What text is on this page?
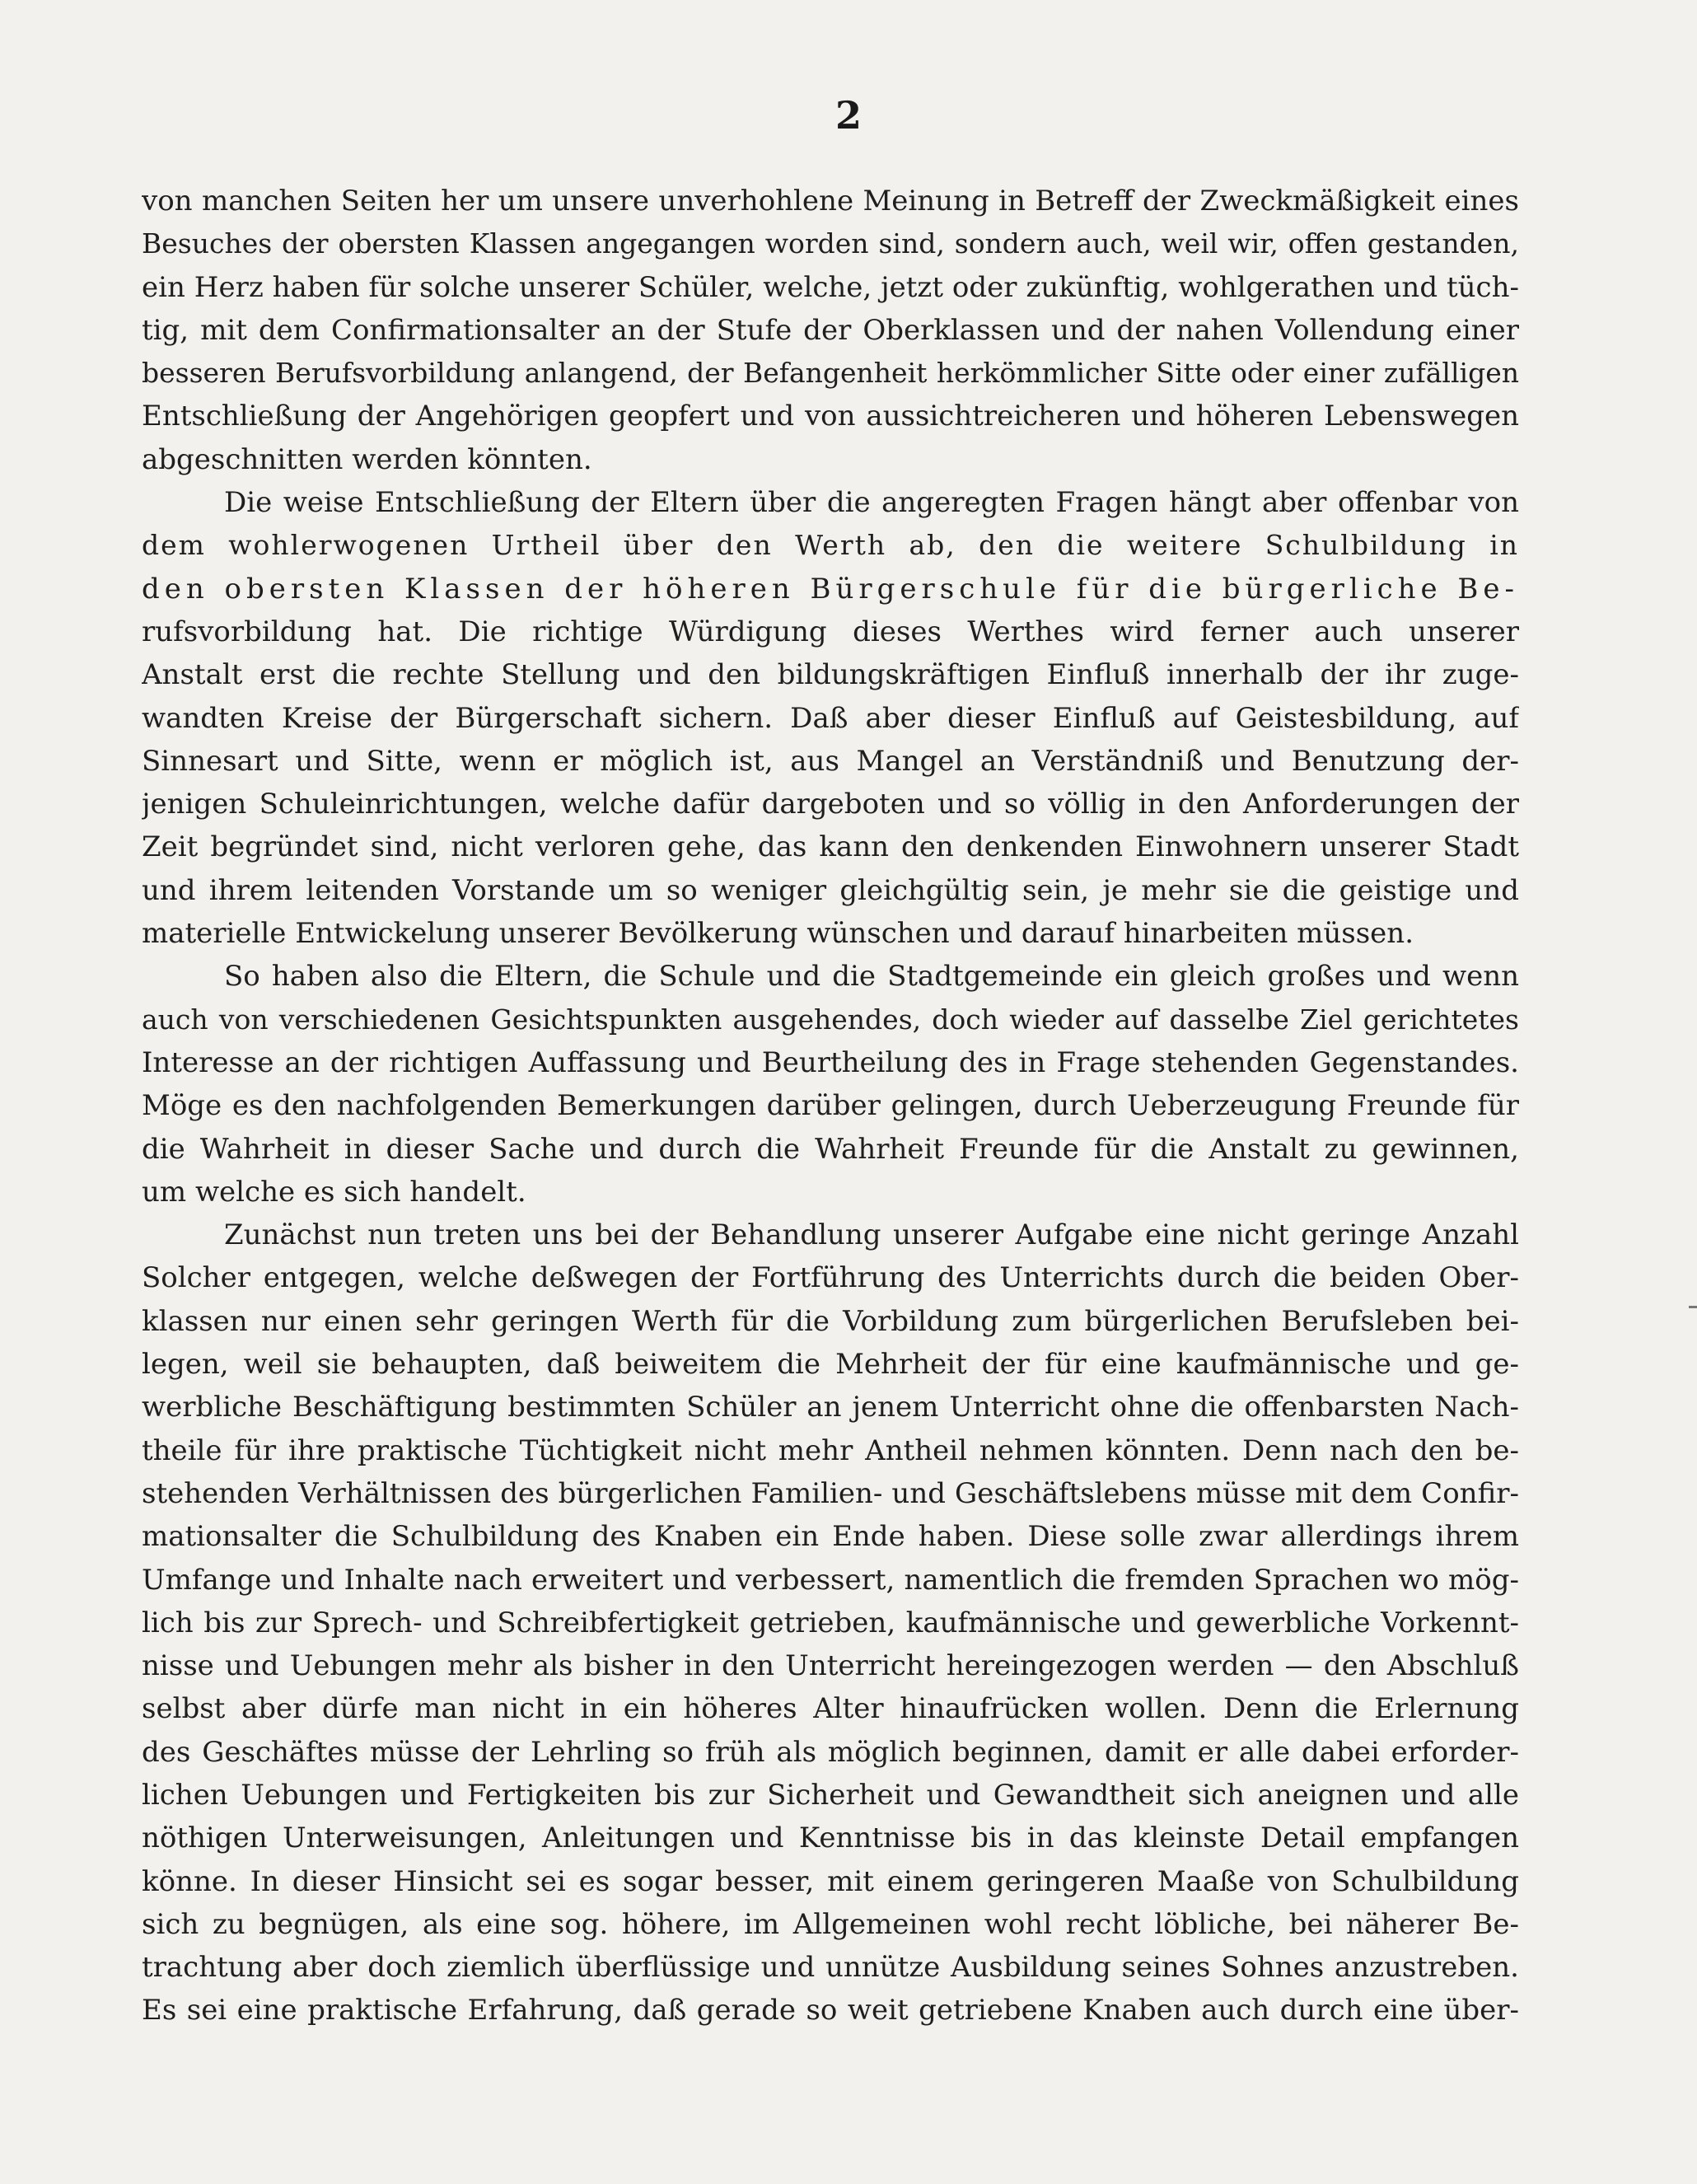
2
von manchen Seiten her um unsere unverhohlene Meinung in Betreff der Zweckmäßigkeit eines
Besuches der obersten Klassen angegangen worden sind, sondern auch, weil wir, offen gestanden,
ein Herz haben für solche unserer Schüler, welche, jetzt oder zukünftig, wohlgerathen und tüch-
tig, mit dem Confirmationsalter an der Stufe der Oberklassen und der nahen Vollendung einer
besseren Berufsvorbildung anlangend, der Befangenheit herkömmlicher Sitte oder einer zufälligen
Entschließung der Angehörigen geopfert und von aussichtreicheren und höheren Lebenswegen
abgeschnitten werden könnten.
Die weise Entschließung der Eltern über die angeregten Fragen hängt aber offenbar von
dem wohlerwogenen Urtheil über den Werth ab, den die weitere Schulbildung in
den obersten Klassen der höheren Bürgerschule für die bürgerliche Be-
rufsvorbildung hat. Die richtige Würdigung dieses Werthes wird ferner auch unserer
Anstalt erst die rechte Stellung und den bildungskräftigen Einfluß innerhalb der ihr zuge-
wandten Kreise der Bürgerschaft sichern. Daß aber dieser Einfluß auf Geistesbildung, auf
Sinnesart und Sitte, wenn er möglich ist, aus Mangel an Verständniß und Benutzung der-
jenigen Schuleinrichtungen, welche dafür dargeboten und so völlig in den Anforderungen der
Zeit begründet sind, nicht verloren gehe, das kann den denkenden Einwohnern unserer Stadt
und ihrem leitenden Vorstande um so weniger gleichgültig sein, je mehr sie die geistige und
materielle Entwickelung unserer Bevölkerung wünschen und darauf hinarbeiten müssen.
So haben also die Eltern, die Schule und die Stadtgemeinde ein gleich großes und wenn
auch von verschiedenen Gesichtspunkten ausgehendes, doch wieder auf dasselbe Ziel gerichtetes
Interesse an der richtigen Auffassung und Beurtheilung des in Frage stehenden Gegenstandes.
Möge es den nachfolgenden Bemerkungen darüber gelingen, durch Ueberzeugung Freunde für
die Wahrheit in dieser Sache und durch die Wahrheit Freunde für die Anstalt zu gewinnen,
um welche es sich handelt.
Zunächst nun treten uns bei der Behandlung unserer Aufgabe eine nicht geringe Anzahl
Solcher entgegen, welche deßwegen der Fortführung des Unterrichts durch die beiden Ober-
klassen nur einen sehr geringen Werth für die Vorbildung zum bürgerlichen Berufsleben bei-
legen, weil sie behaupten, daß beiweitem die Mehrheit der für eine kaufmännische und ge-
werbliche Beschäftigung bestimmten Schüler an jenem Unterricht ohne die offenbarsten Nach-
theile für ihre praktische Tüchtigkeit nicht mehr Antheil nehmen könnten. Denn nach den be-
stehenden Verhältnissen des bürgerlichen Familien- und Geschäftslebens müsse mit dem Confir-
mationsalter die Schulbildung des Knaben ein Ende haben. Diese solle zwar allerdings ihrem
Umfange und Inhalte nach erweitert und verbessert, namentlich die fremden Sprachen wo mög-
lich bis zur Sprech- und Schreibfertigkeit getrieben, kaufmännische und gewerbliche Vorkennt-
nisse und Uebungen mehr als bisher in den Unterricht hereingezogen werden — den Abschluß
selbst aber dürfe man nicht in ein höheres Alter hinaufrücken wollen. Denn die Erlernung
des Geschäftes müsse der Lehrling so früh als möglich beginnen, damit er alle dabei erforder-
lichen Uebungen und Fertigkeiten bis zur Sicherheit und Gewandtheit sich aneignen und alle
nöthigen Unterweisungen, Anleitungen und Kenntnisse bis in das kleinste Detail empfangen
könne. In dieser Hinsicht sei es sogar besser, mit einem geringeren Maaße von Schulbildung
sich zu begnügen, als eine sog. höhere, im Allgemeinen wohl recht löbliche, bei näherer Be-
trachtung aber doch ziemlich überflüssige und unnütze Ausbildung seines Sohnes anzustreben.
Es sei eine praktische Erfahrung, daß gerade so weit getriebene Knaben auch durch eine über-
